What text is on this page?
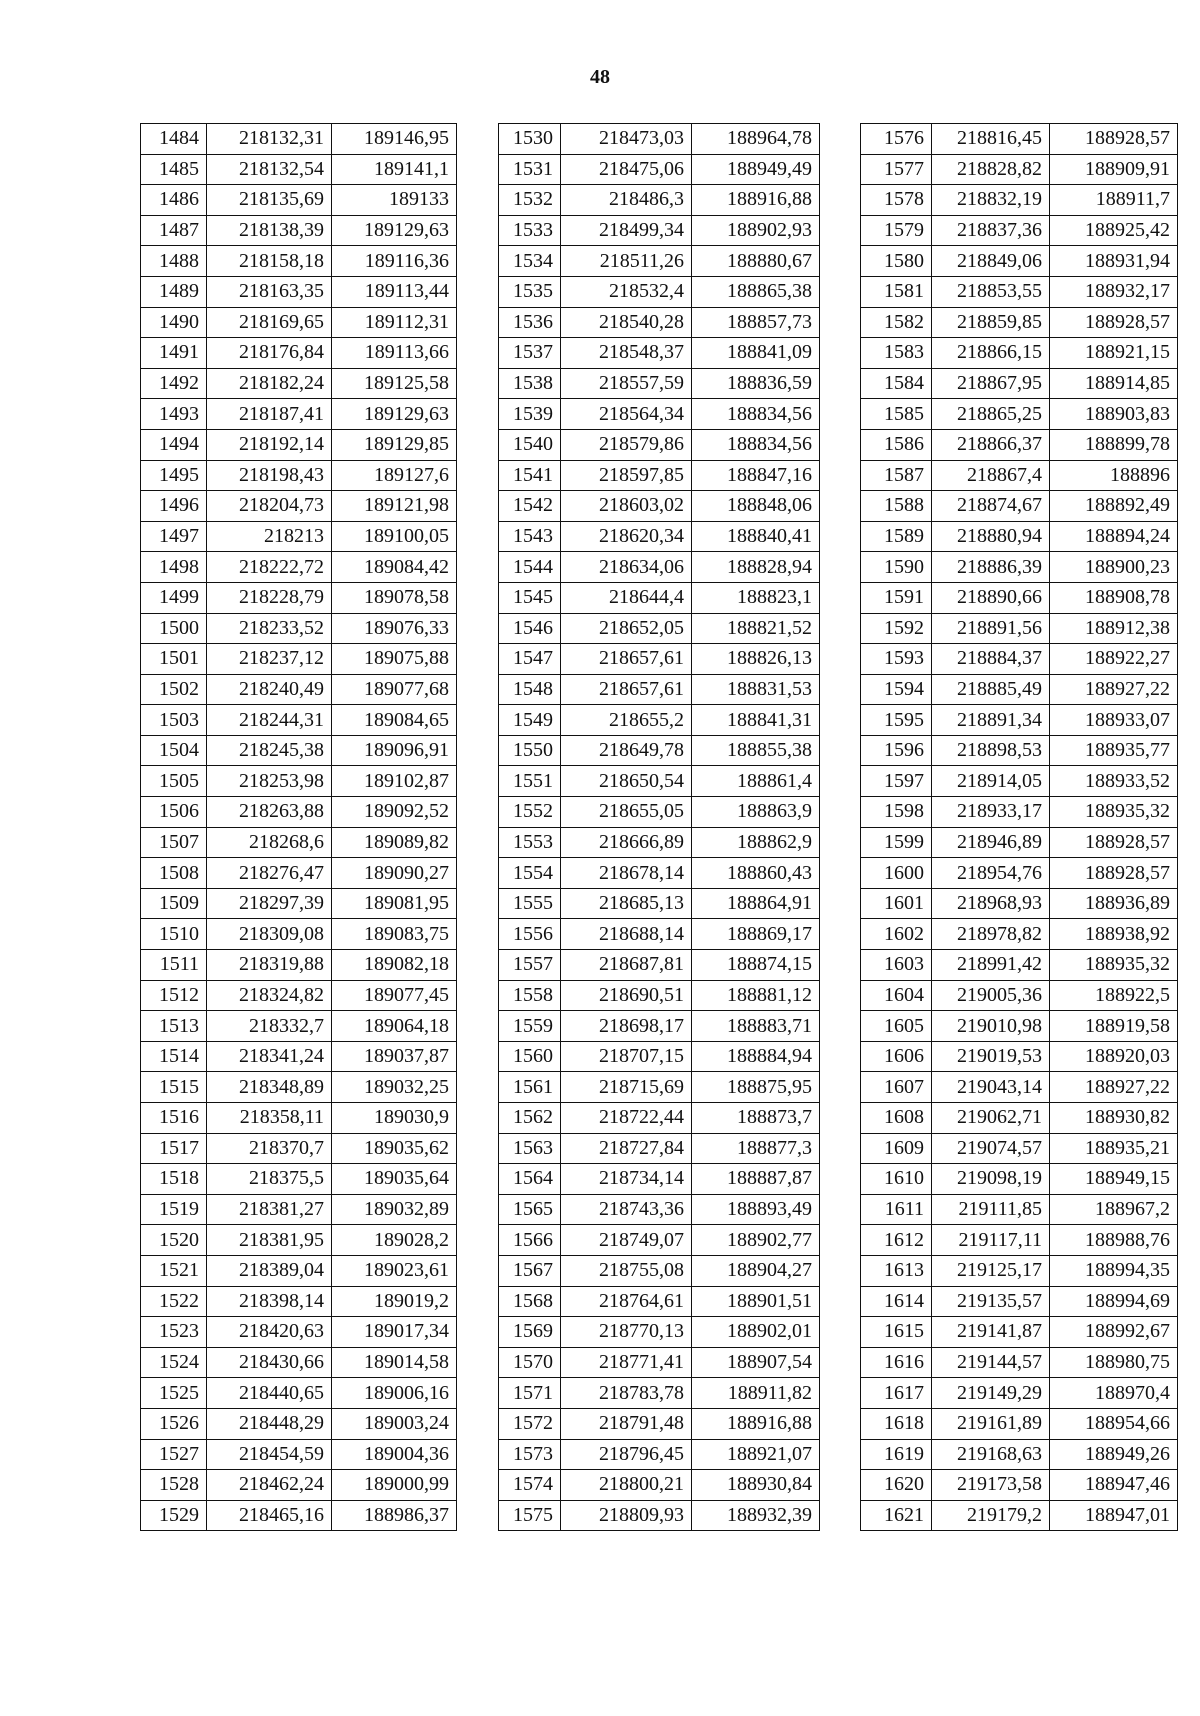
48
1484	218132,31	189146,95
1485	218132,54	189141,1
1486	218135,69	189133
1487	218138,39	189129,63
1488	218158,18	189116,36
1489	218163,35	189113,44
1490	218169,65	189112,31
1491	218176,84	189113,66
1492	218182,24	189125,58
1493	218187,41	189129,63
1494	218192,14	189129,85
1495	218198,43	189127,6
1496	218204,73	189121,98
1497	218213	189100,05
1498	218222,72	189084,42
1499	218228,79	189078,58
1500	218233,52	189076,33
1501	218237,12	189075,88
1502	218240,49	189077,68
1503	218244,31	189084,65
1504	218245,38	189096,91
1505	218253,98	189102,87
1506	218263,88	189092,52
1507	218268,6	189089,82
1508	218276,47	189090,27
1509	218297,39	189081,95
1510	218309,08	189083,75
1511	218319,88	189082,18
1512	218324,82	189077,45
1513	218332,7	189064,18
1514	218341,24	189037,87
1515	218348,89	189032,25
1516	218358,11	189030,9
1517	218370,7	189035,62
1518	218375,5	189035,64
1519	218381,27	189032,89
1520	218381,95	189028,2
1521	218389,04	189023,61
1522	218398,14	189019,2
1523	218420,63	189017,34
1524	218430,66	189014,58
1525	218440,65	189006,16
1526	218448,29	189003,24
1527	218454,59	189004,36
1528	218462,24	189000,99
1529	218465,16	188986,37
1530	218473,03	188964,78
1531	218475,06	188949,49
1532	218486,3	188916,88
1533	218499,34	188902,93
1534	218511,26	188880,67
1535	218532,4	188865,38
1536	218540,28	188857,73
1537	218548,37	188841,09
1538	218557,59	188836,59
1539	218564,34	188834,56
1540	218579,86	188834,56
1541	218597,85	188847,16
1542	218603,02	188848,06
1543	218620,34	188840,41
1544	218634,06	188828,94
1545	218644,4	188823,1
1546	218652,05	188821,52
1547	218657,61	188826,13
1548	218657,61	188831,53
1549	218655,2	188841,31
1550	218649,78	188855,38
1551	218650,54	188861,4
1552	218655,05	188863,9
1553	218666,89	188862,9
1554	218678,14	188860,43
1555	218685,13	188864,91
1556	218688,14	188869,17
1557	218687,81	188874,15
1558	218690,51	188881,12
1559	218698,17	188883,71
1560	218707,15	188884,94
1561	218715,69	188875,95
1562	218722,44	188873,7
1563	218727,84	188877,3
1564	218734,14	188887,87
1565	218743,36	188893,49
1566	218749,07	188902,77
1567	218755,08	188904,27
1568	218764,61	188901,51
1569	218770,13	188902,01
1570	218771,41	188907,54
1571	218783,78	188911,82
1572	218791,48	188916,88
1573	218796,45	188921,07
1574	218800,21	188930,84
1575	218809,93	188932,39
1576	218816,45	188928,57
1577	218828,82	188909,91
1578	218832,19	188911,7
1579	218837,36	188925,42
1580	218849,06	188931,94
1581	218853,55	188932,17
1582	218859,85	188928,57
1583	218866,15	188921,15
1584	218867,95	188914,85
1585	218865,25	188903,83
1586	218866,37	188899,78
1587	218867,4	188896
1588	218874,67	188892,49
1589	218880,94	188894,24
1590	218886,39	188900,23
1591	218890,66	188908,78
1592	218891,56	188912,38
1593	218884,37	188922,27
1594	218885,49	188927,22
1595	218891,34	188933,07
1596	218898,53	188935,77
1597	218914,05	188933,52
1598	218933,17	188935,32
1599	218946,89	188928,57
1600	218954,76	188928,57
1601	218968,93	188936,89
1602	218978,82	188938,92
1603	218991,42	188935,32
1604	219005,36	188922,5
1605	219010,98	188919,58
1606	219019,53	188920,03
1607	219043,14	188927,22
1608	219062,71	188930,82
1609	219074,57	188935,21
1610	219098,19	188949,15
1611	219111,85	188967,2
1612	219117,11	188988,76
1613	219125,17	188994,35
1614	219135,57	188994,69
1615	219141,87	188992,67
1616	219144,57	188980,75
1617	219149,29	188970,4
1618	219161,89	188954,66
1619	219168,63	188949,26
1620	219173,58	188947,46
1621	219179,2	188947,01
